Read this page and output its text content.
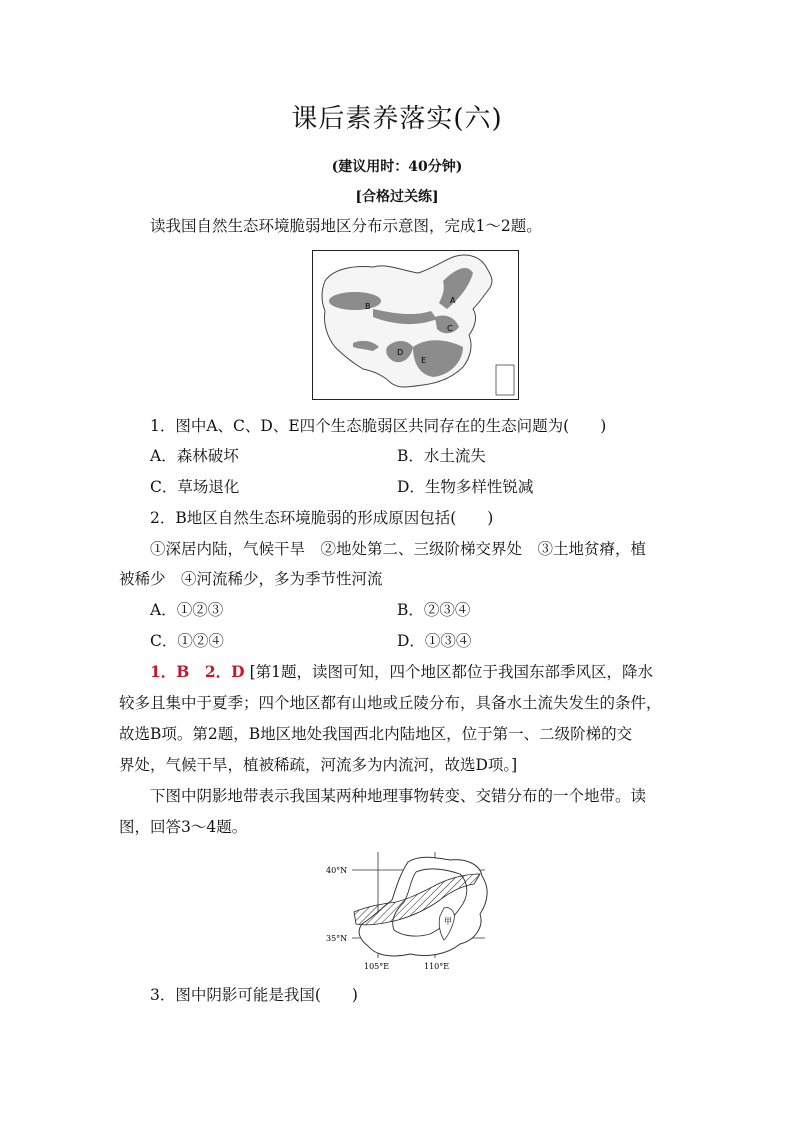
课后素养落实(六)
(建议用时：40分钟)
[合格过关练]
读我国自然生态环境脆弱地区分布示意图，完成1～2题。
A
B
C
D
E
1．图中A、C、D、E四个生态脆弱区共同存在的生态问题为(　　)
A．森林破坏	B．水土流失
C．草场退化	D．生物多样性锐减
2．B地区自然生态环境脆弱的形成原因包括(　　)
①深居内陆，气候干旱　②地处第二、三级阶梯交界处　③土地贫瘠，植
被稀少　④河流稀少，多为季节性河流
A．①②③	B．②③④
C．①②④	D．①③④
1．B　2．D [第1题，读图可知，四个地区都位于我国东部季风区，降水
较多且集中于夏季；四个地区都有山地或丘陵分布，具备水土流失发生的条件，
故选B项。第2题，B地区地处我国西北内陆地区，位于第一、二级阶梯的交
界处，气候干旱，植被稀疏，河流多为内流河，故选D项。]
下图中阴影地带表示我国某两种地理事物转变、交错分布的一个地带。读
图，回答3～4题。
甲
40°N
35°N
105°E	110°E
3．图中阴影可能是我国(　　)
